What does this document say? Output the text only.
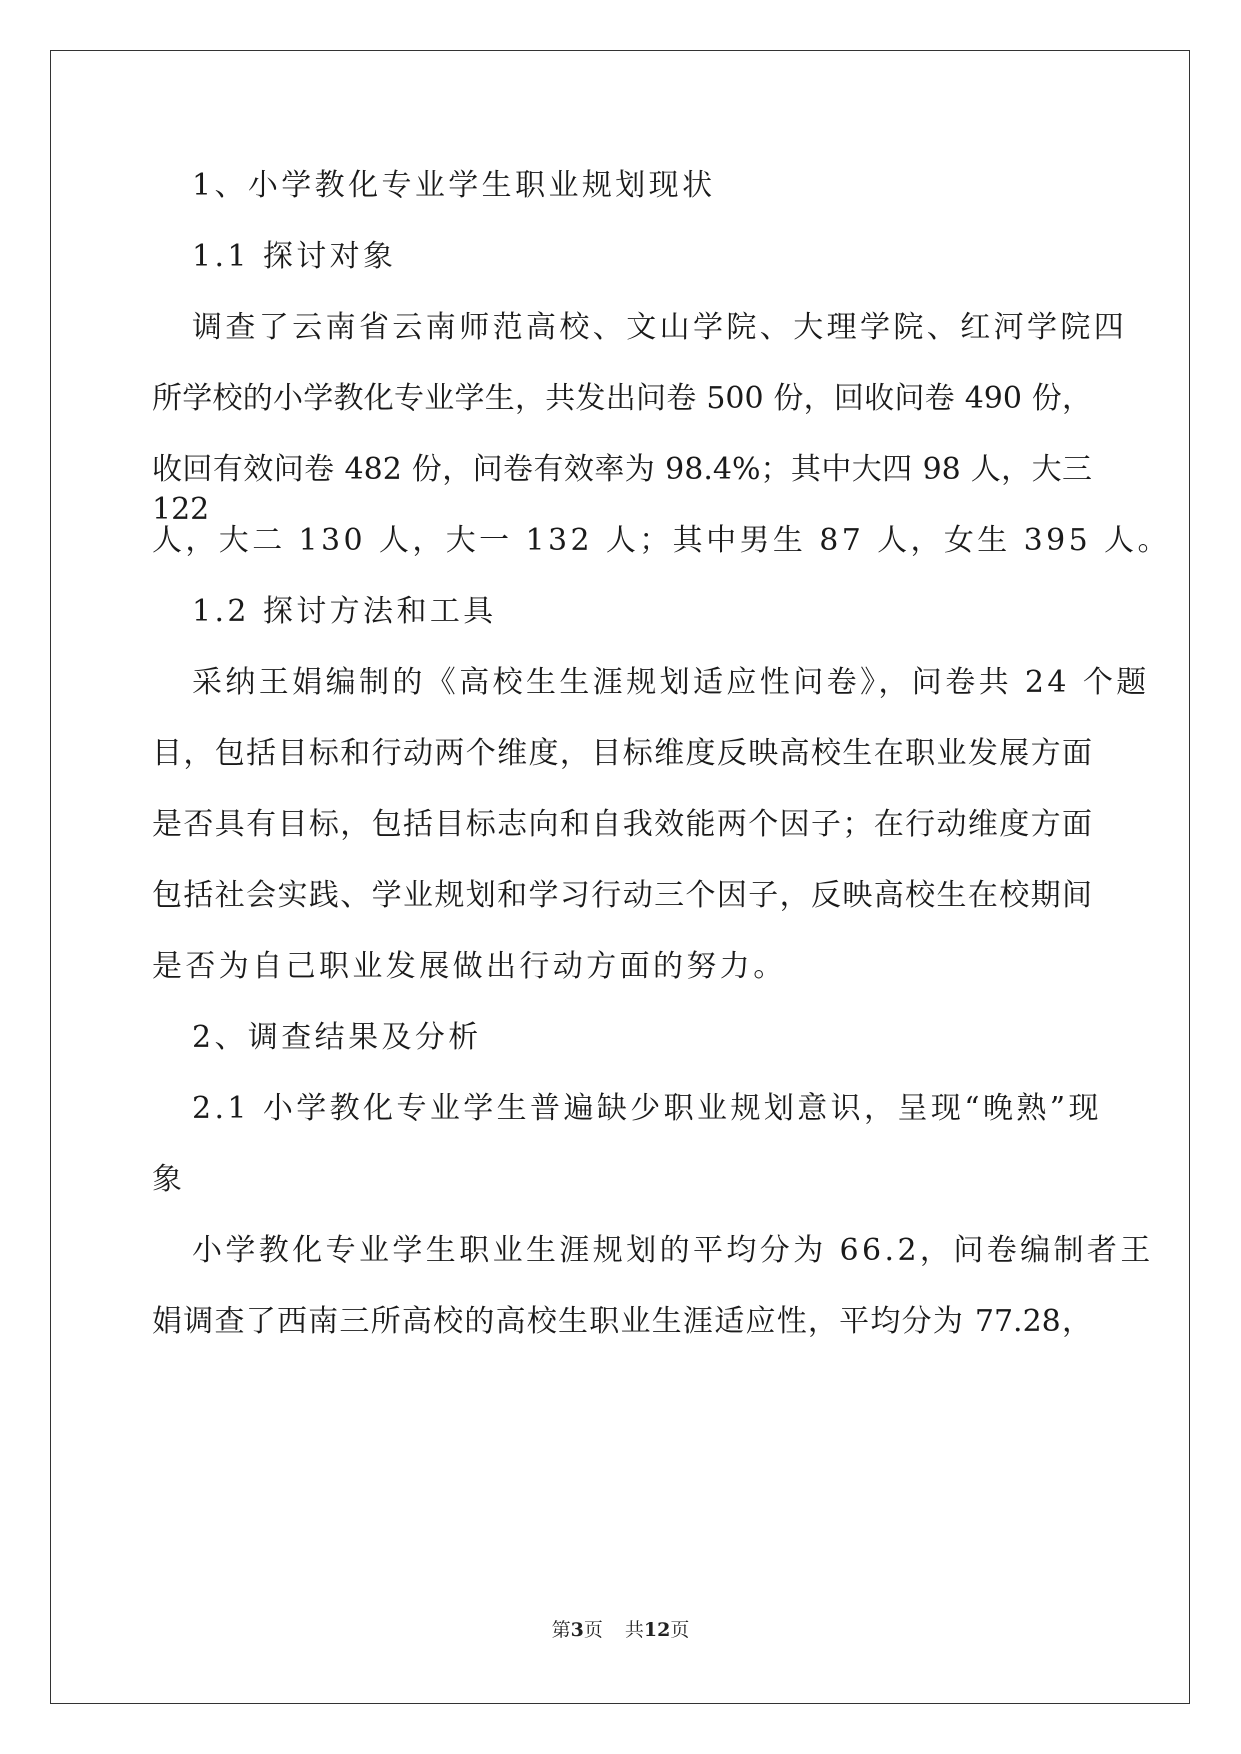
1、小学教化专业学生职业规划现状
1.1 探讨对象
调查了云南省云南师范高校、文山学院、大理学院、红河学院四
所学校的小学教化专业学生，共发出问卷 500 份，回收问卷 490 份，
收回有效问卷 482 份，问卷有效率为 98.4%；其中大四 98 人，大三 122
人，大二 130 人，大一 132 人；其中男生 87 人，女生 395 人。
1.2 探讨方法和工具
采纳王娟编制的《高校生生涯规划适应性问卷》，问卷共 24 个题
目，包括目标和行动两个维度，目标维度反映高校生在职业发展方面
是否具有目标，包括目标志向和自我效能两个因子；在行动维度方面
包括社会实践、学业规划和学习行动三个因子，反映高校生在校期间
是否为自己职业发展做出行动方面的努力。
2、调查结果及分析
2.1 小学教化专业学生普遍缺少职业规划意识，呈现“晚熟”现
象
小学教化专业学生职业生涯规划的平均分为 66.2，问卷编制者王
娟调查了西南三所高校的高校生职业生涯适应性，平均分为 77.28，
第3页 共12页
